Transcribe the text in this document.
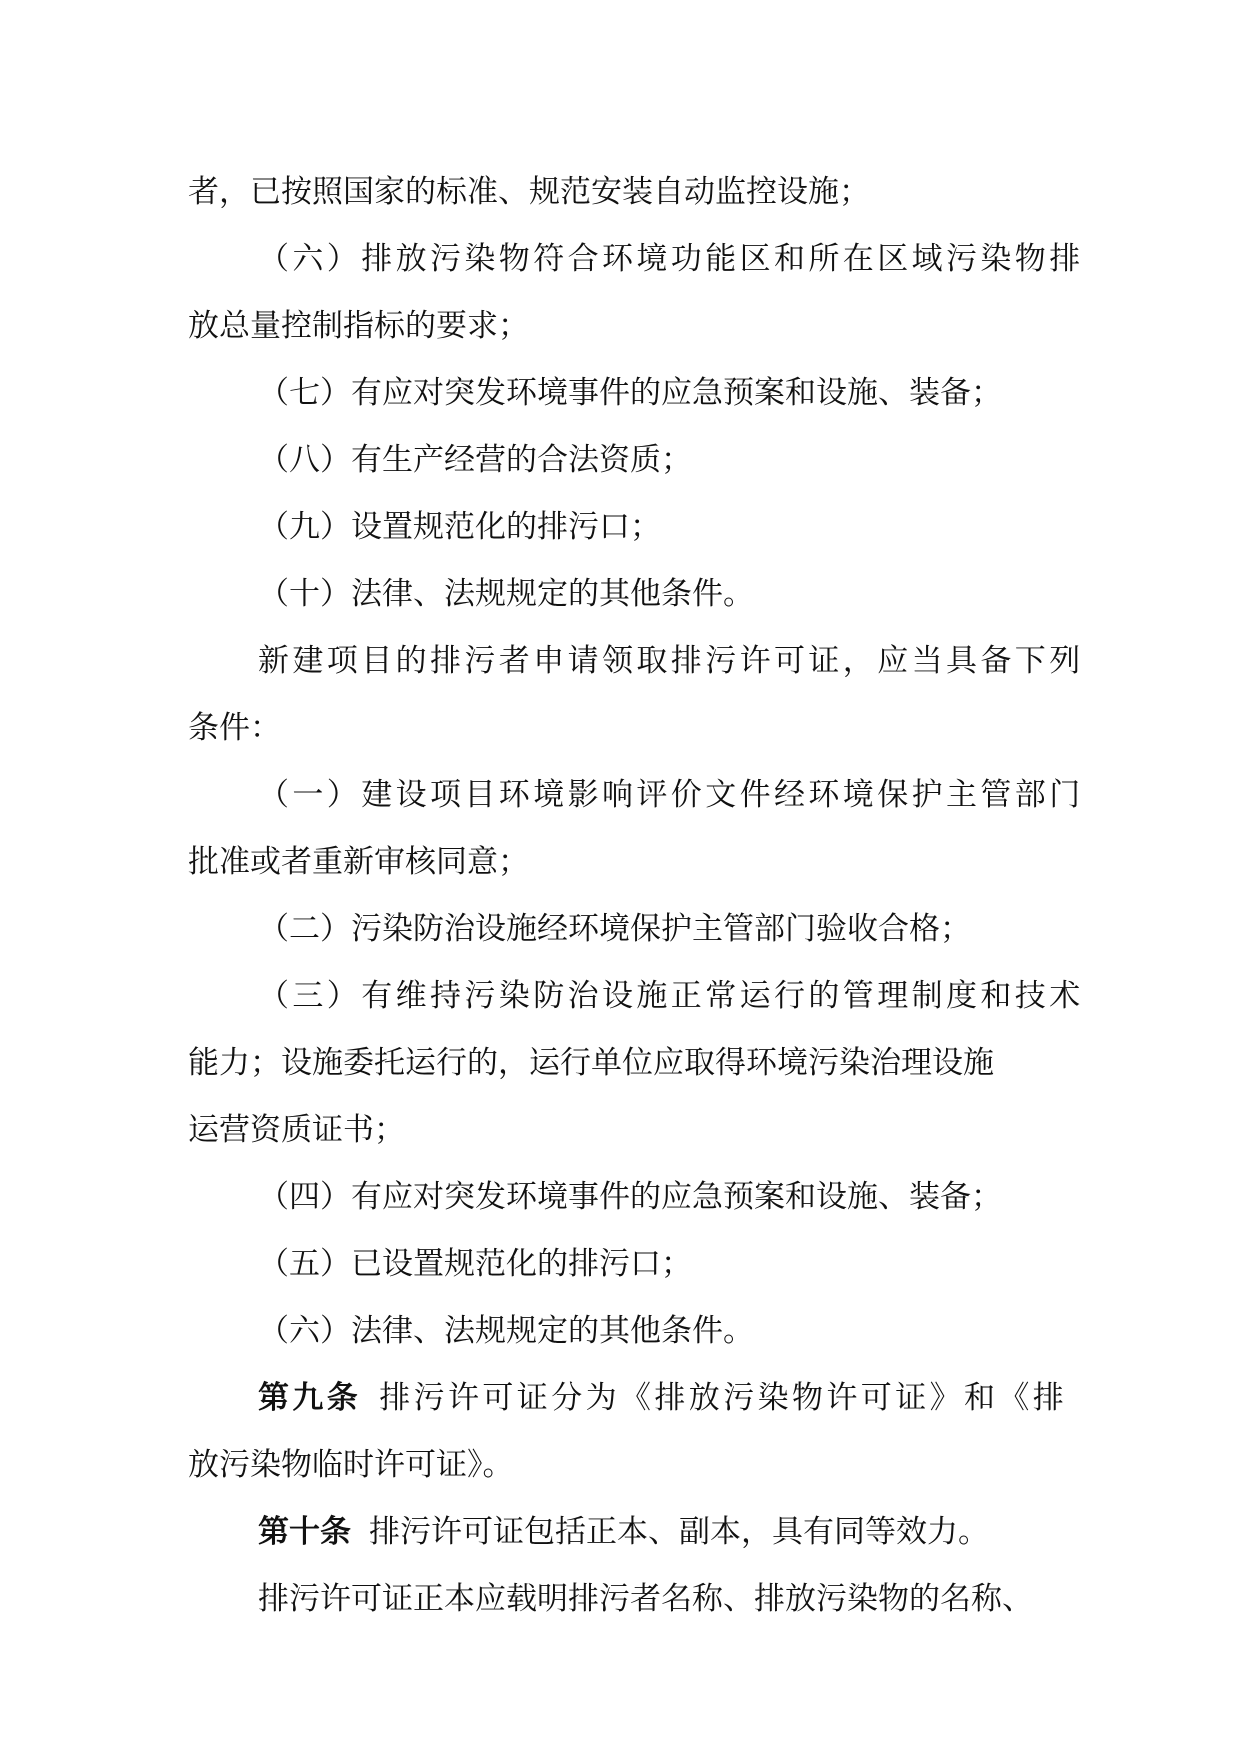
者，已按照国家的标准、规范安装自动监控设施；
（六）排放污染物符合环境功能区和所在区域污染物排
放总量控制指标的要求；
（七）有应对突发环境事件的应急预案和设施、装备；
（八）有生产经营的合法资质；
（九）设置规范化的排污口；
（十）法律、法规规定的其他条件。
新建项目的排污者申请领取排污许可证，应当具备下列
条件：
（一）建设项目环境影响评价文件经环境保护主管部门
批准或者重新审核同意；
（二）污染防治设施经环境保护主管部门验收合格；
（三）有维持污染防治设施正常运行的管理制度和技术
能力；设施委托运行的，运行单位应取得环境污染治理设施
运营资质证书；
（四）有应对突发环境事件的应急预案和设施、装备；
（五）已设置规范化的排污口；
（六）法律、法规规定的其他条件。
第九条 排污许可证分为《排放污染物许可证》和《排
放污染物临时许可证》。
第十条 排污许可证包括正本、副本，具有同等效力。
排污许可证正本应载明排污者名称、排放污染物的名称、
